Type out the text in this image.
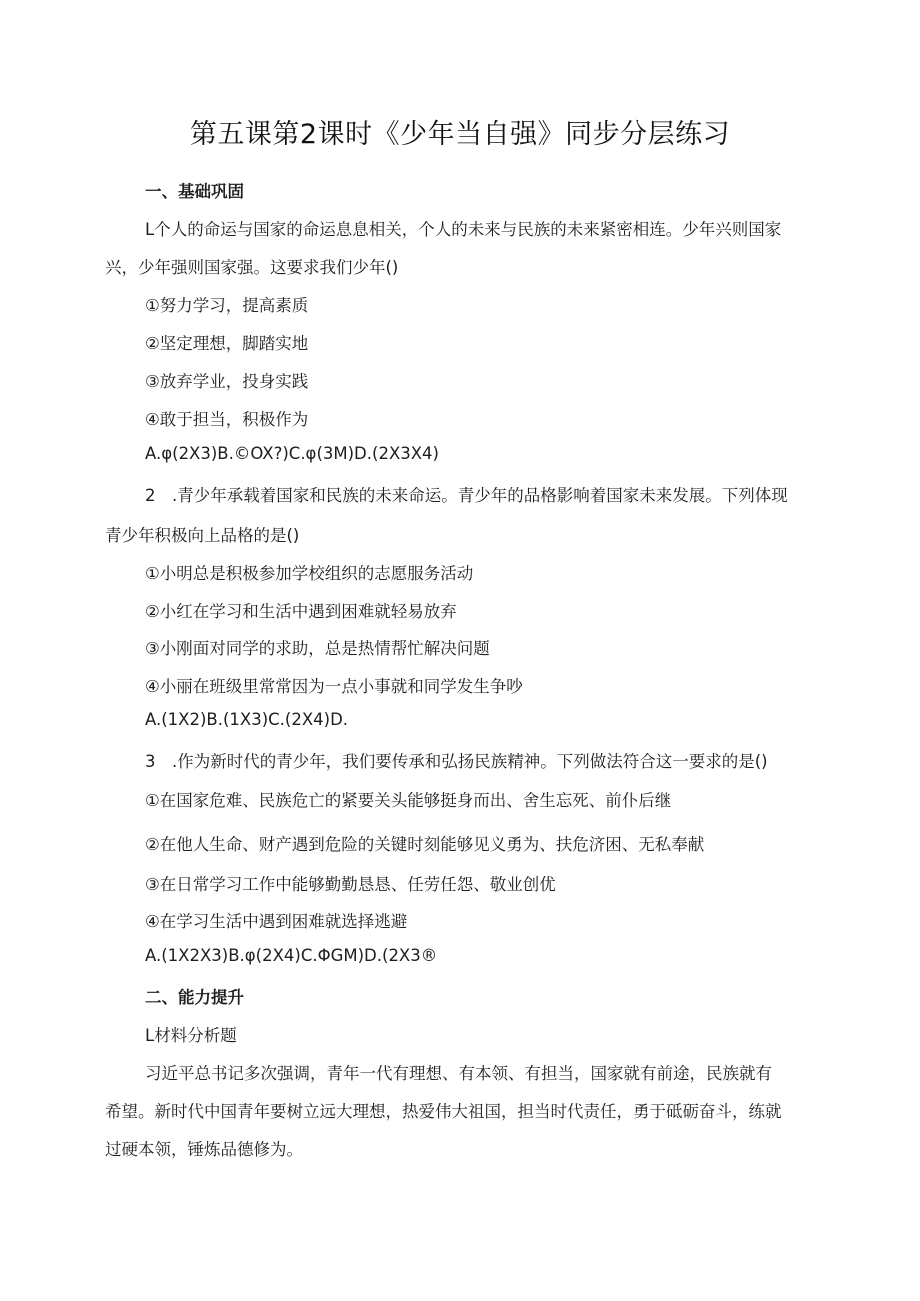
第五课第2课时《少年当自强》同步分层练习
一、基础巩固
L个人的命运与国家的命运息息相关，个人的未来与民族的未来紧密相连。少年兴则国家
兴，少年强则国家强。这要求我们少年()
①努力学习，提高素质
②坚定理想，脚踏实地
③放弃学业，投身实践
④敢于担当，积极作为
A.φ(2X3)B.©OX?)C.φ(3M)D.(2X3X4)
2　.青少年承载着国家和民族的未来命运。青少年的品格影响着国家未来发展。下列体现
青少年积极向上品格的是()
①小明总是积极参加学校组织的志愿服务活动
②小红在学习和生活中遇到困难就轻易放弃
③小刚面对同学的求助，总是热情帮忙解决问题
④小丽在班级里常常因为一点小事就和同学发生争吵
A.(1X2)B.(1X3)C.(2X4)D.
3　.作为新时代的青少年，我们要传承和弘扬民族精神。下列做法符合这一要求的是()
①在国家危难、民族危亡的紧要关头能够挺身而出、舍生忘死、前仆后继
②在他人生命、财产遇到危险的关键时刻能够见义勇为、扶危济困、无私奉献
③在日常学习工作中能够勤勤恳恳、任劳任怨、敬业创优
④在学习生活中遇到困难就选择逃避
A.(1X2X3)B.φ(2X4)C.ΦGM)D.(2X3®
二、能力提升
L材料分析题
习近平总书记多次强调，青年一代有理想、有本领、有担当，国家就有前途，民族就有
希望。新时代中国青年要树立远大理想，热爱伟大祖国，担当时代责任，勇于砥砺奋斗，练就
过硬本领，锤炼品德修为。
